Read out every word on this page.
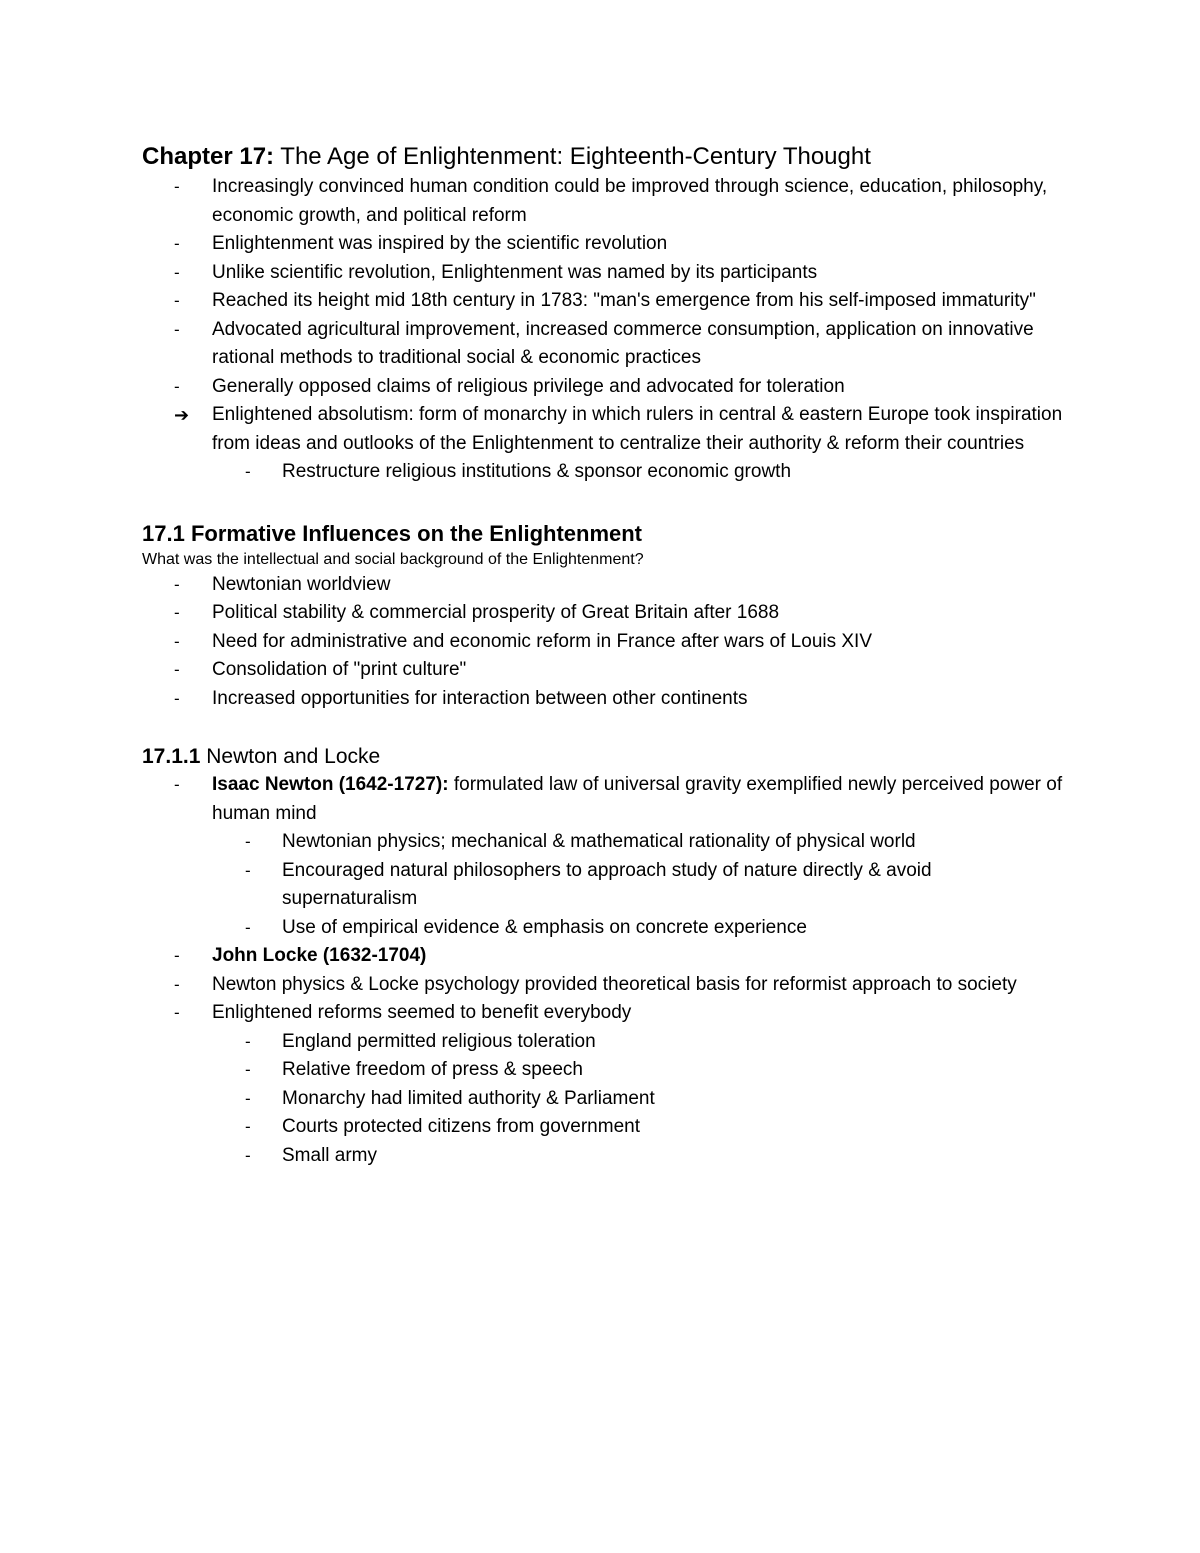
Chapter 17: The Age of Enlightenment: Eighteenth-Century Thought
- Increasingly convinced human condition could be improved through science, education, philosophy, economic growth, and political reform
- Enlightenment was inspired by the scientific revolution
- Unlike scientific revolution, Enlightenment was named by its participants
- Reached its height mid 18th century in 1783: "man's emergence from his self-imposed immaturity"
- Advocated agricultural improvement, increased commerce consumption, application on innovative rational methods to traditional social & economic practices
- Generally opposed claims of religious privilege and advocated for toleration
➔ Enlightened absolutism: form of monarchy in which rulers in central & eastern Europe took inspiration from ideas and outlooks of the Enlightenment to centralize their authority & reform their countries
- Restructure religious institutions & sponsor economic growth
17.1 Formative Influences on the Enlightenment

What was the intellectual and social background of the Enlightenment?

- Newtonian worldview
- Political stability & commercial prosperity of Great Britain after 1688
- Need for administrative and economic reform in France after wars of Louis XIV
- Consolidation of "print culture"
- Increased opportunities for interaction between other continents
17.1.1 Newton and Locke
- Isaac Newton (1642-1727): formulated law of universal gravity exemplified newly perceived power of human mind
- Newtonian physics; mechanical & mathematical rationality of physical world
- Encouraged natural philosophers to approach study of nature directly & avoid supernaturalism
- Use of empirical evidence & emphasis on concrete experience
- John Locke (1632-1704)
- Newton physics & Locke psychology provided theoretical basis for reformist approach to society
- Enlightened reforms seemed to benefit everybody
- England permitted religious toleration
- Relative freedom of press & speech
- Monarchy had limited authority & Parliament
- Courts protected citizens from government
- Small army
